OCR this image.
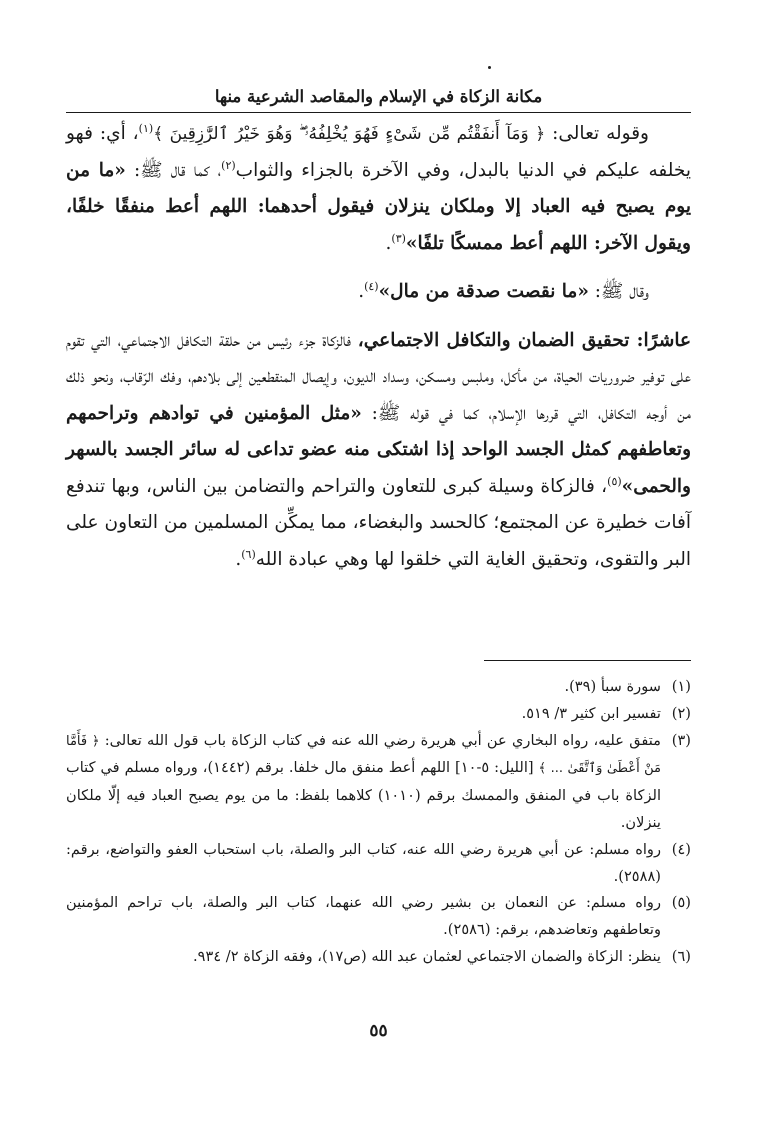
مكانة الزكاة في الإسلام والمقاصد الشرعية منها

وقوله تعالى: ﴿ وَمَآ أَنفَقْتُم مِّن شَىْءٍ فَهُوَ يُخْلِفُهُۥ ۖ وَهُوَ خَيْرُ ٱلرَّٰزِقِينَ ﴾$^{(١)}$، أي: فهو يخلفه عليكم في الدنيا بالبدل، وفي الآخرة بالجزاء والثواب$^{(٢)}$، كما قال ﷺ: «ما من يوم يصبح فيه العباد إلا وملكان ينزلان فيقول أحدهما: اللهم أعط منفقًا خلفًا، ويقول الآخر: اللهم أعط ممسكًا تلفًا»$^{(٣)}$.

وقال ﷺ: «ما نقصت صدقة من مال»$^{(٤)}$.

عاشرًا: تحقيق الضمان والتكافل الاجتماعي، فالزكاة جزء رئيس من حلقة التكافل الاجتماعي، التي تقوم على توفير ضروريات الحياة، من مأكل، وملبس ومسكن، وسداد الديون، وإيصال المنقطعين إلى بلادهم، وفك الرّقاب، ونحو ذلك من أوجه التكافل، التي قررها الإسلام، كما في قوله ﷺ: «مثل المؤمنين في توادهم وتراحمهم وتعاطفهم كمثل الجسد الواحد إذا اشتكى منه عضو تداعى له سائر الجسد بالسهر والحمى»$^{(٥)}$، فالزكاة وسيلة كبرى للتعاون والتراحم والتضامن بين الناس، وبها تندفع آفات خطيرة عن المجتمع؛ كالحسد والبغضاء، مما يمكِّن المسلمين من التعاون على البر والتقوى، وتحقيق الغاية التي خلقوا لها وهي عبادة الله$^{(٦)}$.

(١)
سورة سبأ (٣٩).
(٢)
تفسير ابن كثير ٣/ ٥١٩.
(٣)
متفق عليه، رواه البخاري عن أبي هريرة رضي الله عنه في كتاب الزكاة باب قول الله تعالى: ﴿ فَأَمَّا مَنْ أَعْطَىٰ وَٱتَّقَىٰ ... ﴾ [الليل: ٥-١٠] اللهم أعط منفق مال خلفا. برقم (١٤٤٢)، ورواه مسلم في كتاب الزكاة باب في المنفق والممسك برقم (١٠١٠) كلاهما بلفظ: ما من يوم يصبح العباد فيه إلّا ملكان ينزلان.
(٤)
رواه مسلم: عن أبي هريرة رضي الله عنه، كتاب البر والصلة، باب استحباب العفو والتواضع، برقم: (٢٥٨٨).
(٥)
رواه مسلم: عن النعمان بن بشير رضي الله عنهما، كتاب البر والصلة، باب تراحم المؤمنين وتعاطفهم وتعاضدهم، برقم: (٢٥٨٦).
(٦)
ينظر: الزكاة والضمان الاجتماعي لعثمان عبد الله (ص١٧)، وفقه الزكاة ٢/ ٩٣٤.
٥٥
